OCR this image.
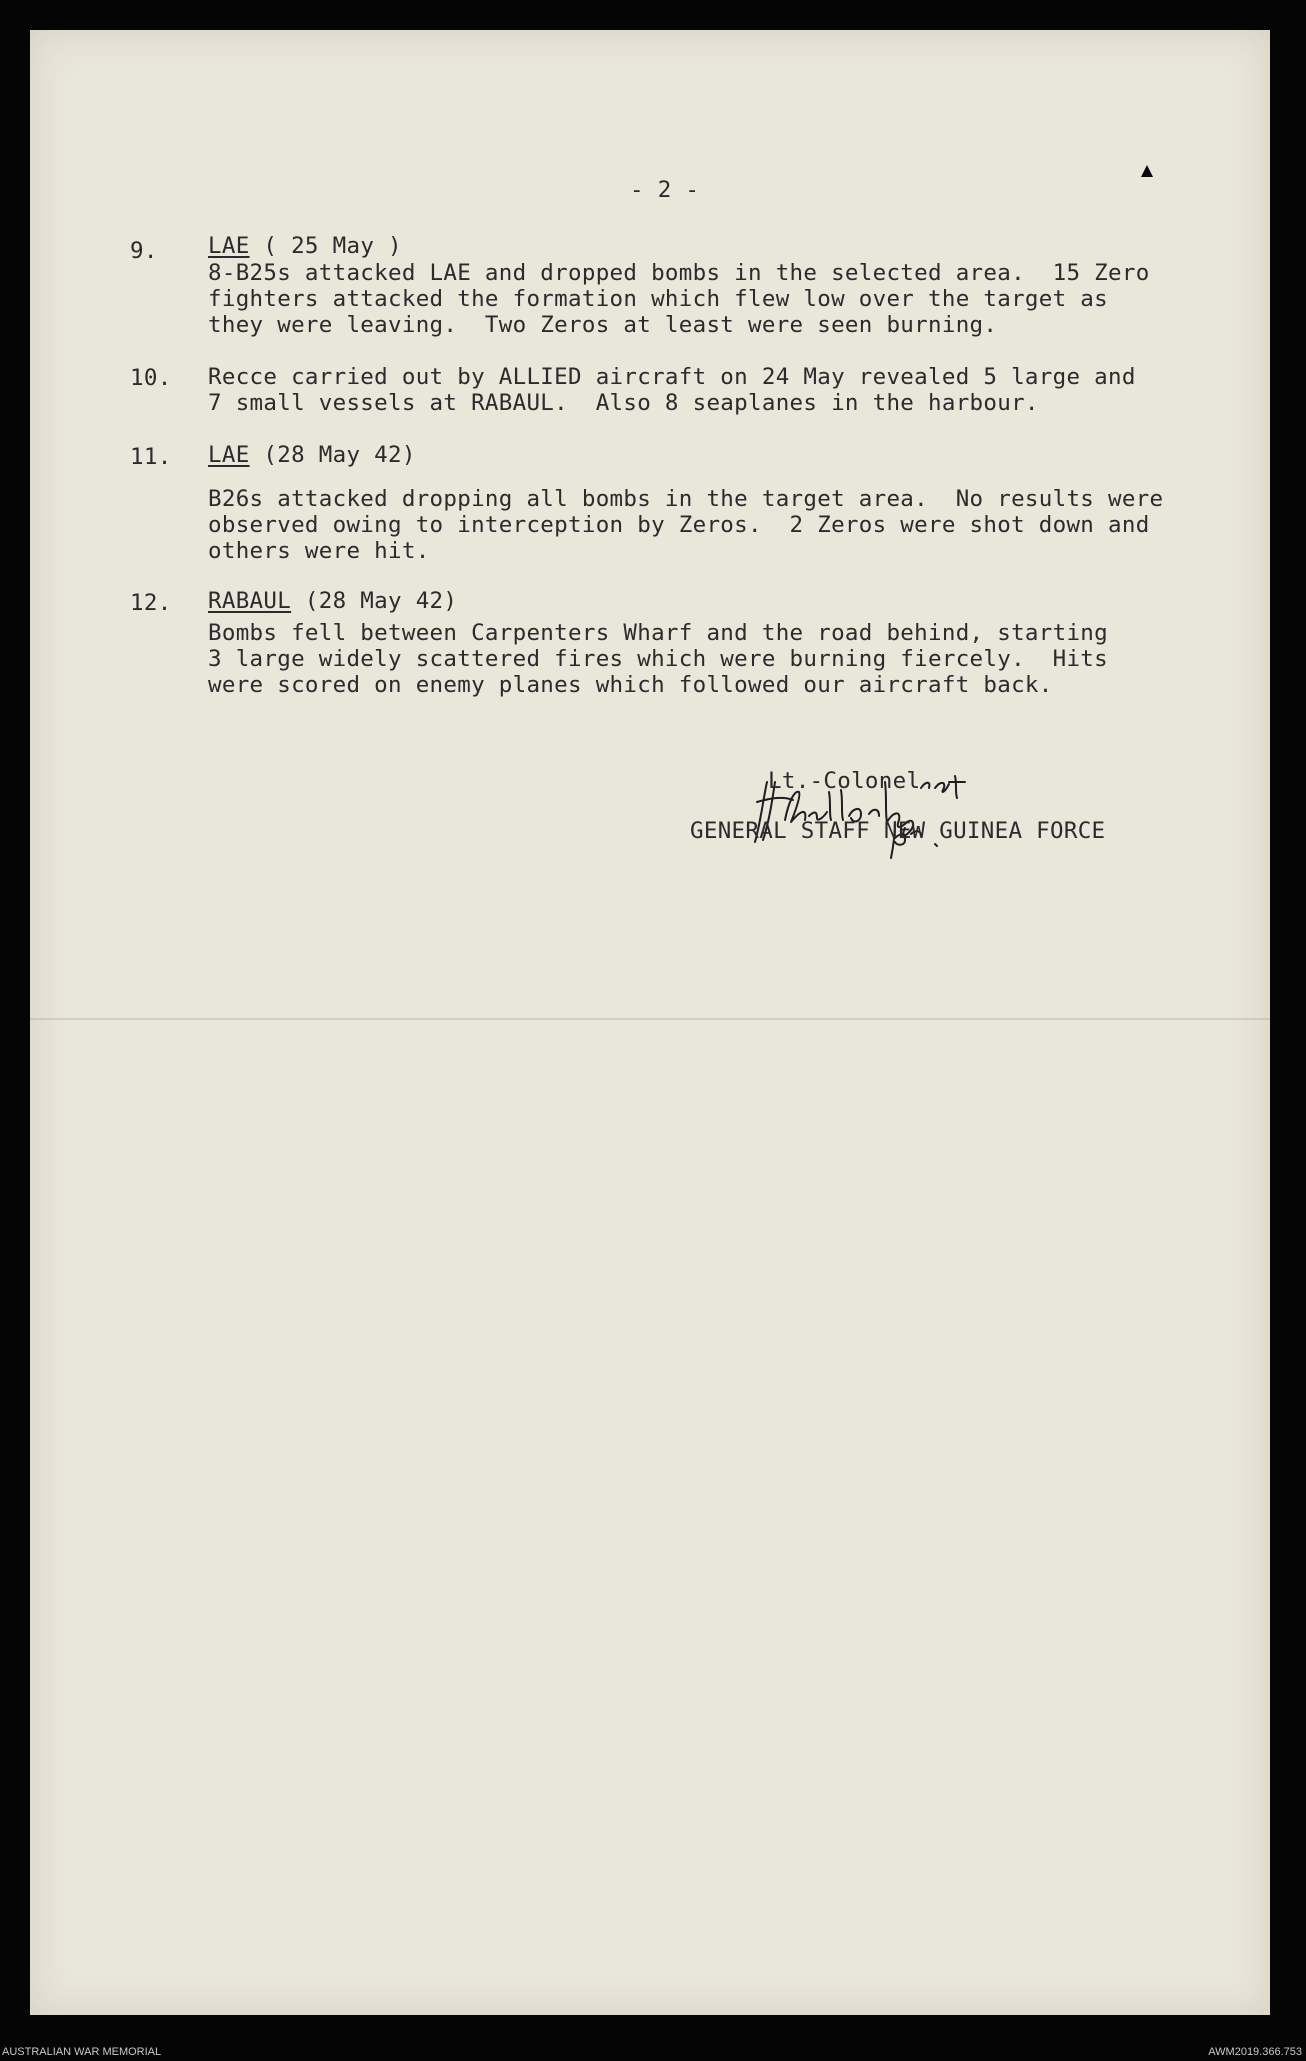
- 2 -
9. LAE ( 25 May )
8-B25s attacked LAE and dropped bombs in the selected area.  15 Zero
fighters attacked the formation which flew low over the target as
they were leaving.  Two Zeros at least were seen burning.
10. Recce carried out by ALLIED aircraft on 24 May revealed 5 large and
7 small vessels at RABAUL.  Also 8 seaplanes in the harbour.
11. LAE (28 May 42)
B26s attacked dropping all bombs in the target area.  No results were
observed owing to interception by Zeros.  2 Zeros were shot down and
others were hit.
12. RABAUL (28 May 42)
Bombs fell between Carpenters Wharf and the road behind, starting
3 large widely scattered fires which were burning fiercely.  Hits
were scored on enemy planes which followed our aircraft back.
Lt.-Colonel
GENERAL STAFF NEW GUINEA FORCE
AUSTRALIAN WAR MEMORIAL	AWM2019.366.753
